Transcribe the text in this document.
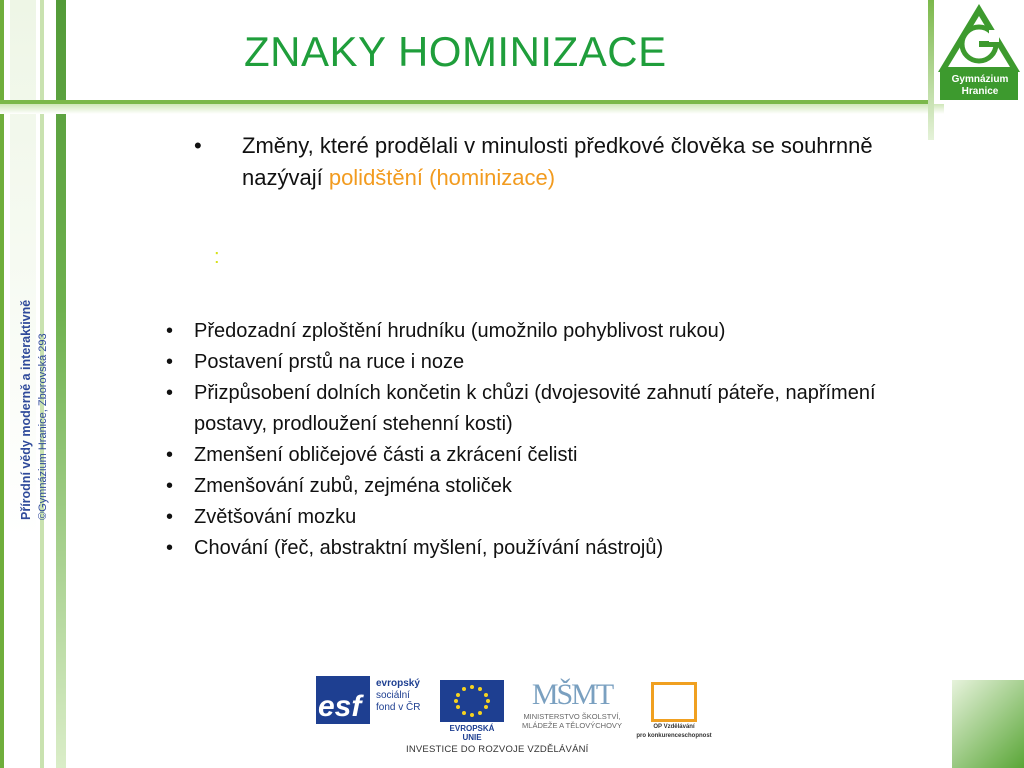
Gymnázium
Hranice
Přírodní vědy moderně a interaktivně ©Gymnázium Hranice, Zborovská 293
ZNAKY HOMINIZACE
• Změny, které prodělali v minulosti předkové člověka se souhrnně nazývají polidštění (hominizace)
:
• Předozadní zploštění hrudníku (umožnilo pohyblivost rukou)
• Postavení prstů na ruce i noze
• Přizpůsobení dolních končetin k chůzi (dvojesovité zahnutí páteře, napřímení postavy, prodloužení stehenní kosti)
• Zmenšení obličejové části a zkrácení čelisti
• Zmenšování zubů, zejména stoliček
• Zvětšování mozku
• Chování (řeč, abstraktní myšlení, používání nástrojů)
esf
evropský
sociální
fond v ČR
EVROPSKÁ UNIE
MŠMT
MINISTERSTVO ŠKOLSTVÍ,
MLÁDEŽE A TĚLOVÝCHOVY	OP Vzdělávání
pro konkurenceschopnost
INVESTICE DO ROZVOJE VZDĚLÁVÁNÍ
